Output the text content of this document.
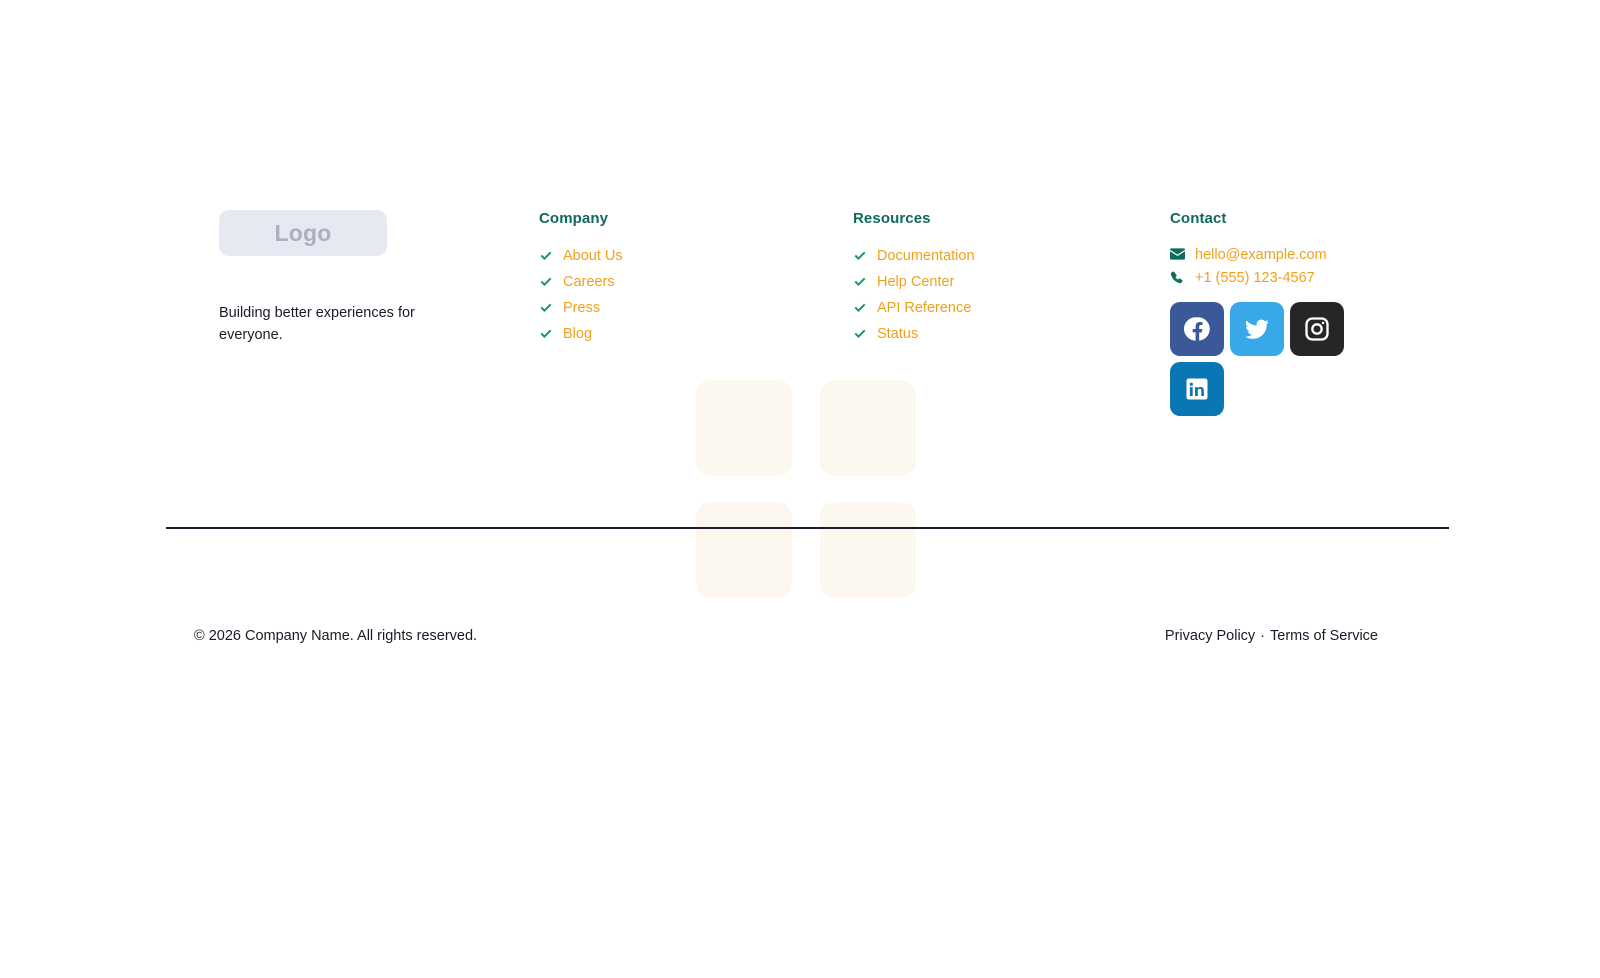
Logo
Building better experiences for everyone.
Company
About Us
Careers
Press
Blog
Resources
Documentation
Help Center
API Reference
Status
Contact
hello@example.com
+1 (555) 123-4567
© 2026 Company Name. All rights reserved.	Privacy Policy · Terms of Service
